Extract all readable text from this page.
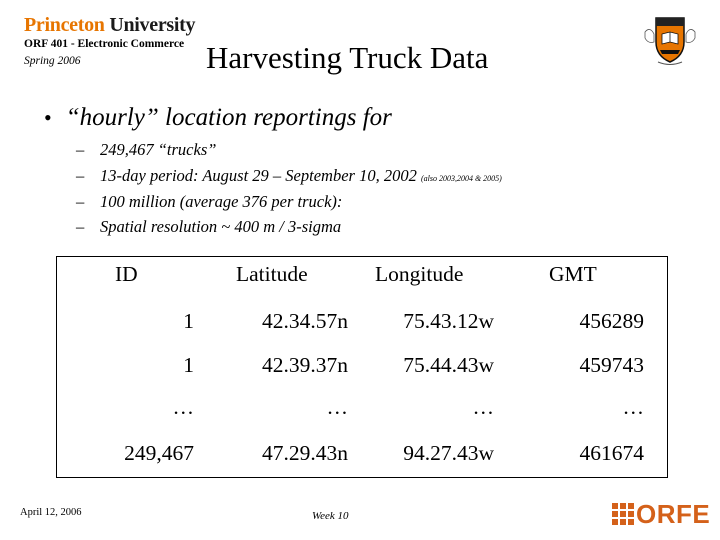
Princeton University
ORF 401 - Electronic Commerce
Spring 2006	Harvesting Truck Data
• “hourly” location reportings for
– 249,467 “trucks”
– 13-day period: August 29 – September 10, 2002 (also 2003,2004 & 2005)
– 100 million (average 376 per truck):
– Spatial resolution ~ 400 m / 3-sigma
ID	Latitude	Longitude	GMT
1	42.34.57n	75.43.12w	456289
1	42.39.37n	75.44.43w	459743
…	…	…	…
249,467	47.29.43n	94.27.43w	461674
April 12, 2006	Week 10	ORFE
